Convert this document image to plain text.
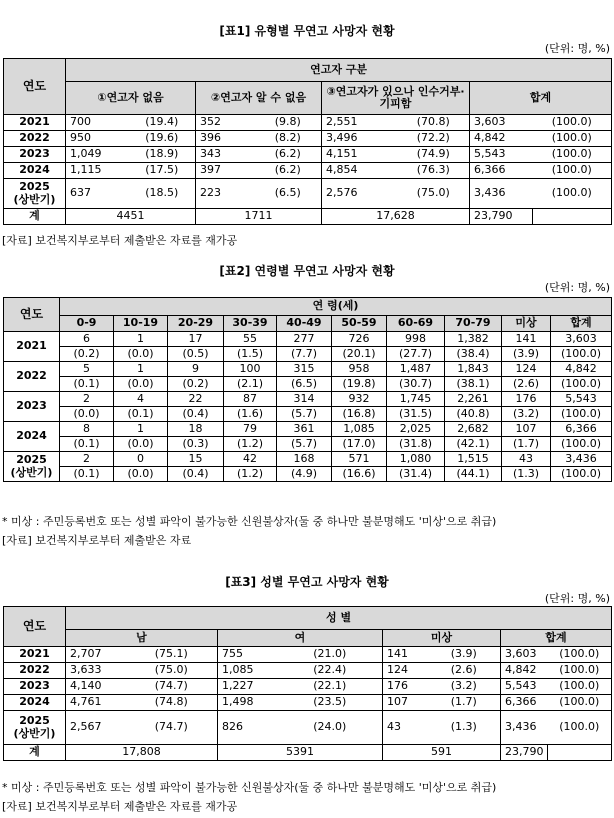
[표1] 유형별 무연고 사망자 현황
(단위: 명, %)
연도	연고자 구분							
	①연고자 없음		②연고자 알 수 없음		③연고자가 있으나 인수거부·기피함		합계	
2021	700	(19.4)	352	(9.8)	2,551	(70.8)	3,603	(100.0)
2022	950	(19.6)	396	(8.2)	3,496	(72.2)	4,842	(100.0)
2023	1,049	(18.9)	343	(6.2)	4,151	(74.9)	5,543	(100.0)
2024	1,115	(17.5)	397	(6.2)	4,854	(76.3)	6,366	(100.0)
2025
(상반기)	637	(18.5)	223	(6.5)	2,576	(75.0)	3,436	(100.0)
계	4451		1711		17,628		23,790	
[자료] 보건복지부로부터 제출받은 자료를 재가공
[표2] 연령별 무연고 사망자 현황
(단위: 명, %)
연도	연 령(세)									
	0-9	10-19	20-29	30-39	40-49	50-59	60-69	70-79	미상	합계
2021	6	1	17	55	277	726	998	1,382	141	3,603
	(0.2)	(0.0)	(0.5)	(1.5)	(7.7)	(20.1)	(27.7)	(38.4)	(3.9)	(100.0)
2022	5	1	9	100	315	958	1,487	1,843	124	4,842
	(0.1)	(0.0)	(0.2)	(2.1)	(6.5)	(19.8)	(30.7)	(38.1)	(2.6)	(100.0)
2023	2	4	22	87	314	932	1,745	2,261	176	5,543
	(0.0)	(0.1)	(0.4)	(1.6)	(5.7)	(16.8)	(31.5)	(40.8)	(3.2)	(100.0)
2024	8	1	18	79	361	1,085	2,025	2,682	107	6,366
	(0.1)	(0.0)	(0.3)	(1.2)	(5.7)	(17.0)	(31.8)	(42.1)	(1.7)	(100.0)
2025
(상반기)	2	0	15	42	168	571	1,080	1,515	43	3,436
	(0.1)	(0.0)	(0.4)	(1.2)	(4.9)	(16.6)	(31.4)	(44.1)	(1.3)	(100.0)
* 미상 : 주민등록번호 또는 성별 파악이 불가능한 신원불상자(둘 중 하나만 불분명해도 '미상'으로 취급)
[자료] 보건복지부로부터 제출받은 자료
[표3] 성별 무연고 사망자 현황
(단위: 명, %)
연도	성 별							
	남		여		미상		합계	
2021	2,707	(75.1)	755	(21.0)	141	(3.9)	3,603	(100.0)
2022	3,633	(75.0)	1,085	(22.4)	124	(2.6)	4,842	(100.0)
2023	4,140	(74.7)	1,227	(22.1)	176	(3.2)	5,543	(100.0)
2024	4,761	(74.8)	1,498	(23.5)	107	(1.7)	6,366	(100.0)
2025
(상반기)	2,567	(74.7)	826	(24.0)	43	(1.3)	3,436	(100.0)
계	17,808		5391		591		23,790	
* 미상 : 주민등록번호 또는 성별 파악이 불가능한 신원불상자(둘 중 하나만 불분명해도 '미상'으로 취급)
[자료] 보건복지부로부터 제출받은 자료를 재가공
